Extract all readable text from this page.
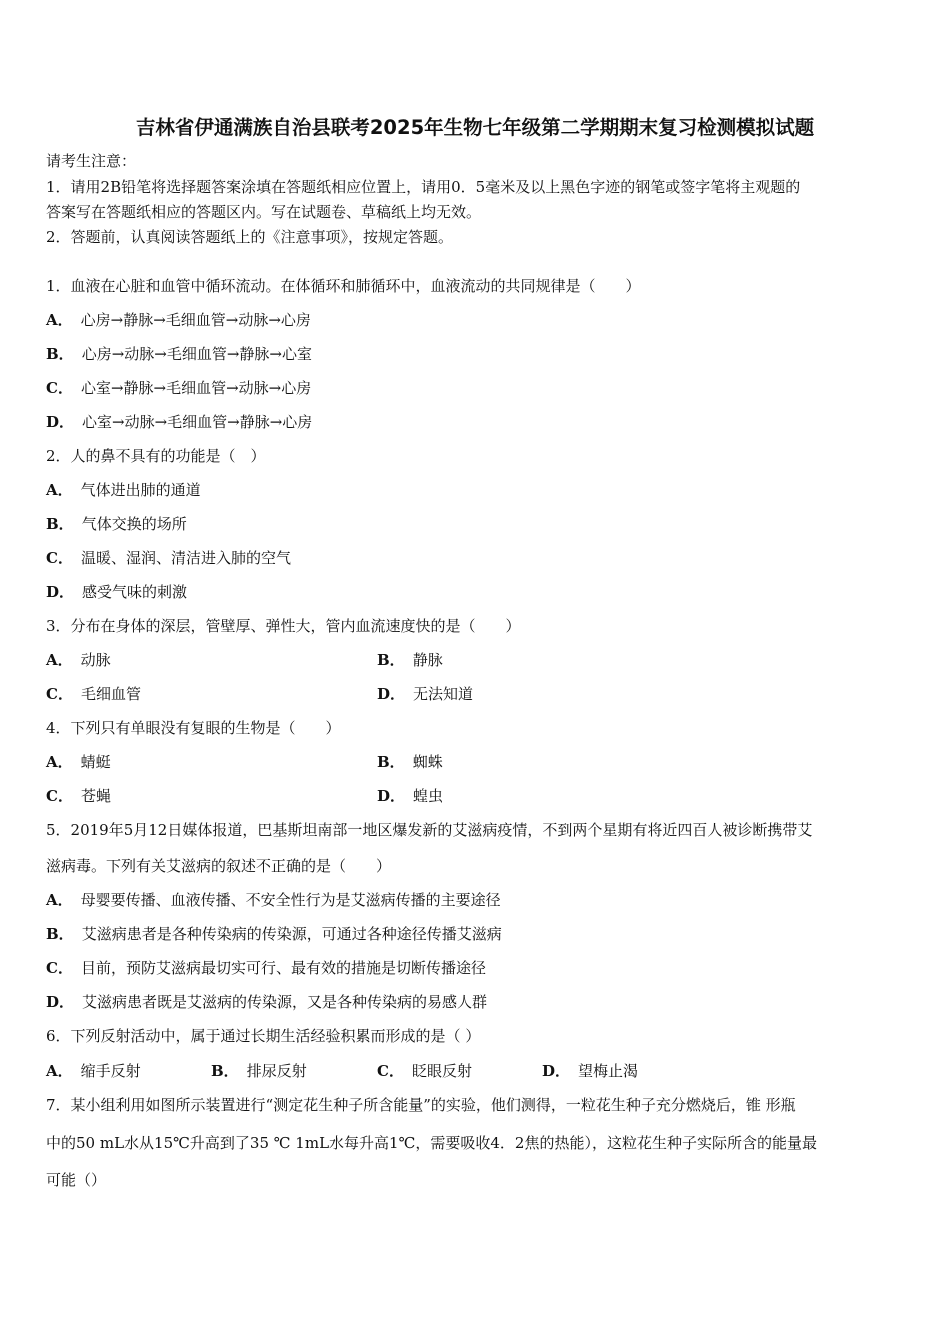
吉林省伊通满族自治县联考2025年生物七年级第二学期期末复习检测模拟试题
请考生注意：
1．请用2B铅笔将选择题答案涂填在答题纸相应位置上，请用0．5毫米及以上黑色字迹的钢笔或签字笔将主观题的
答案写在答题纸相应的答题区内。写在试题卷、草稿纸上均无效。
2．答题前，认真阅读答题纸上的《注意事项》，按规定答题。
1．血液在心脏和血管中循环流动。在体循环和肺循环中，血液流动的共同规律是（　　）
A． 心房→静脉→毛细血管→动脉→心房
B． 心房→动脉→毛细血管→静脉→心室
C． 心室→静脉→毛细血管→动脉→心房
D． 心室→动脉→毛细血管→静脉→心房
2．人的鼻不具有的功能是（　）
A． 气体进出肺的通道
B． 气体交换的场所
C． 温暖、湿润、清洁进入肺的空气
D． 感受气味的刺激
3．分布在身体的深层，管壁厚、弹性大，管内血流速度快的是（　　）
A． 动脉	B． 静脉
C． 毛细血管	D． 无法知道
4．下列只有单眼没有复眼的生物是（　　）
A． 蜻蜓	B． 蜘蛛
C． 苍蝇	D． 蝗虫
5．2019年5月12日媒体报道，巴基斯坦南部一地区爆发新的艾滋病疫情，不到两个星期有将近四百人被诊断携带艾
滋病毒。下列有关艾滋病的叙述不正确的是（　　）
A． 母婴要传播、血液传播、不安全性行为是艾滋病传播的主要途径
B． 艾滋病患者是各种传染病的传染源，可通过各种途径传播艾滋病
C． 目前，预防艾滋病最切实可行、最有效的措施是切断传播途径
D． 艾滋病患者既是艾滋病的传染源，又是各种传染病的易感人群
6．下列反射活动中，属于通过长期生活经验积累而形成的是（ ）
A． 缩手反射	B． 排尿反射	C． 眨眼反射	D． 望梅止渴
7．某小组利用如图所示装置进行“测定花生种子所含能量”的实验，他们测得，一粒花生种子充分燃烧后，锥 形瓶
中的50 mL水从15℃升高到了35 ℃ 1mL水每升高1℃，需要吸收4．2焦的热能），这粒花生种子实际所含的能量最
可能（）
